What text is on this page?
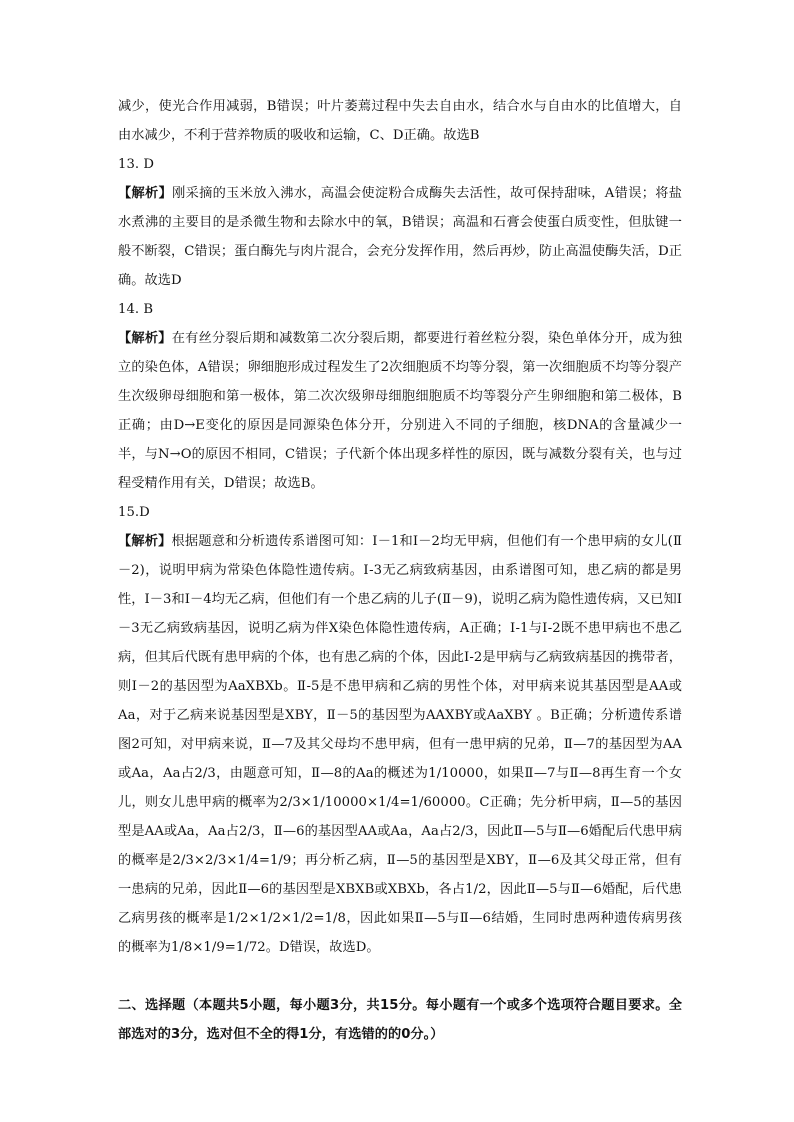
减少，使光合作用减弱，B错误；叶片萎蔫过程中失去自由水，结合水与自由水的比值增大，自由水减少，不利于营养物质的吸收和运输，C、D正确。故选B

13. D

【解析】刚采摘的玉米放入沸水，高温会使淀粉合成酶失去活性，故可保持甜味，A错误；将盐水煮沸的主要目的是杀微生物和去除水中的氧，B错误；高温和石膏会使蛋白质变性，但肽键一般不断裂，C错误；蛋白酶先与肉片混合，会充分发挥作用，然后再炒，防止高温使酶失活，D正确。故选D

14. B

【解析】在有丝分裂后期和减数第二次分裂后期，都要进行着丝粒分裂，染色单体分开，成为独立的染色体，A错误；卵细胞形成过程发生了2次细胞质不均等分裂，第一次细胞质不均等分裂产生次级卵母细胞和第一极体，第二次次级卵母细胞细胞质不均等裂分产生卵细胞和第二极体，B正确；由D→E变化的原因是同源染色体分开，分别进入不同的子细胞，核DNA的含量减少一半，与N→O的原因不相同，C错误；子代新个体出现多样性的原因，既与减数分裂有关，也与过程受精作用有关，D错误；故选B。

15.D

【解析】根据题意和分析遗传系谱图可知：Ⅰ－1和Ⅰ－2均无甲病，但他们有一个患甲病的女儿(Ⅱ－2)，说明甲病为常染色体隐性遗传病。Ⅰ-3无乙病致病基因，由系谱图可知，患乙病的都是男性，Ⅰ－3和Ⅰ－4均无乙病，但他们有一个患乙病的儿子(Ⅱ－9)，说明乙病为隐性遗传病，又已知Ⅰ－3无乙病致病基因，说明乙病为伴X染色体隐性遗传病，A正确；Ⅰ-1与Ⅰ-2既不患甲病也不患乙病，但其后代既有患甲病的个体，也有患乙病的个体，因此Ⅰ-2是甲病与乙病致病基因的携带者，则Ⅰ－2的基因型为AaXBXb。Ⅱ-5是不患甲病和乙病的男性个体，对甲病来说其基因型是AA或Aa，对于乙病来说基因型是XBY，Ⅱ－5的基因型为AAXBY或AaXBY 。B正确；分析遗传系谱图2可知，对甲病来说，Ⅱ—7及其父母均不患甲病，但有一患甲病的兄弟，Ⅱ—7的基因型为AA或Aa，Aa占2/3，由题意可知，Ⅱ—8的Aa的概述为1/10000，如果Ⅱ—7与Ⅱ—8再生育一个女儿，则女儿患甲病的概率为2/3×1/10000×1/4=1/60000。C正确；先分析甲病，Ⅱ—5的基因型是AA或Aa，Aa占2/3，Ⅱ—6的基因型AA或Aa，Aa占2/3，因此Ⅱ—5与Ⅱ—6婚配后代患甲病的概率是2/3×2/3×1/4=1/9；再分析乙病，Ⅱ—5的基因型是XBY，Ⅱ—6及其父母正常，但有一患病的兄弟，因此Ⅱ—6的基因型是XBXB或XBXb，各占1/2，因此Ⅱ—5与Ⅱ—6婚配，后代患乙病男孩的概率是1/2×1/2×1/2=1/8，因此如果Ⅱ—5与Ⅱ—6结婚，生同时患两种遗传病男孩的概率为1/8×1/9=1/72。D错误，故选D。

二、选择题（本题共5小题，每小题3分，共15分。每小题有一个或多个选项符合题目要求。全部选对的3分，选对但不全的得1分，有选错的的0分。）
